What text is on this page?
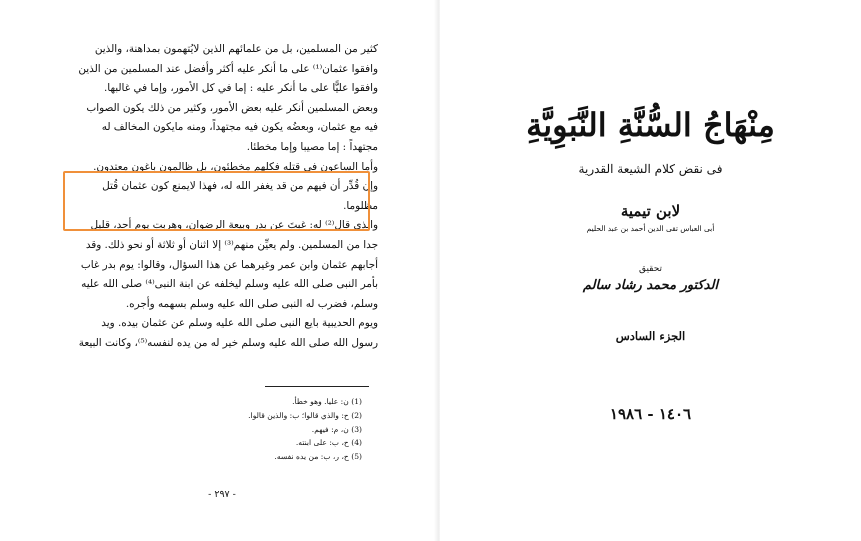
كثير من المسلمين، بل من علمائهم الذين لايُتهمون بمداهنة، والذين
وافقوا عثمان⁽¹⁾ على ما أنكر عليه أكثر وأفضل عند المسلمين من الذين
وافقوا عليًّا على ما أنكر عليه : إما في كل الأمور، وإما في غالبها.
وبعض المسلمين أنكر عليه بعض الأمور، وكثير من ذلك يكون الصواب
فيه مع عثمان، وبعضُه يكون فيه مجتهداً، ومنه مايكون المخالف له
مجتهداً : إما مصيبا وإما مخطئا.
وأما الساعون في قتله فكلهم مخطئون، بل ظالمون باغون معتدون.
وإن قُدِّر أن فيهم من قد يغفر الله له، فهذا لايمنع كون عثمان قُتل
مظلوما.
والذي قال⁽²⁾ له: غبتَ عن بدر وبيعة الرضوان، وهربت يوم أحد، قليل
جدا من المسلمين. ولم يعيِّن منهم⁽³⁾ إلا اثنان أو ثلاثة أو نحو ذلك. وقد
أجابهم عثمان وابن عمر وغيرهما عن هذا السؤال، وقالوا: يوم بدر غاب
بأمر النبى صلى الله عليه وسلم ليخلفه عن ابنة النبى⁽⁴⁾ صلى الله عليه
وسلم، فضرب له النبى صلى الله عليه وسلم بسهمه وأجره.
ويوم الحديبية بايع النبى صلى الله عليه وسلم عن عثمان بيده. ويد
رسول الله صلى الله عليه وسلم خير له من يده لنفسه⁽⁵⁾، وكانت البيعة
(1) ن: عليا. وهو خطأ.
(2) ح: والذي قالوا؛ ب: والذين قالوا.
(3) ن، م: فيهم.
(4) ح، ب: على ابنته.
(5) ح، ر، ب: من يده نفسه.
- ٢٩٧ -
مِنْهَاجُ السُّنَّةِ النَّبَوِيَّةِ
فى نقض كلام الشيعة القدرية
لابن تيمية
أبى العباس تقى الدين أحمد بن عبد الحليم
تحقيق
الدكتور محمد رشاد سالم
الجزء السادس
١٤٠٦ - ١٩٨٦
